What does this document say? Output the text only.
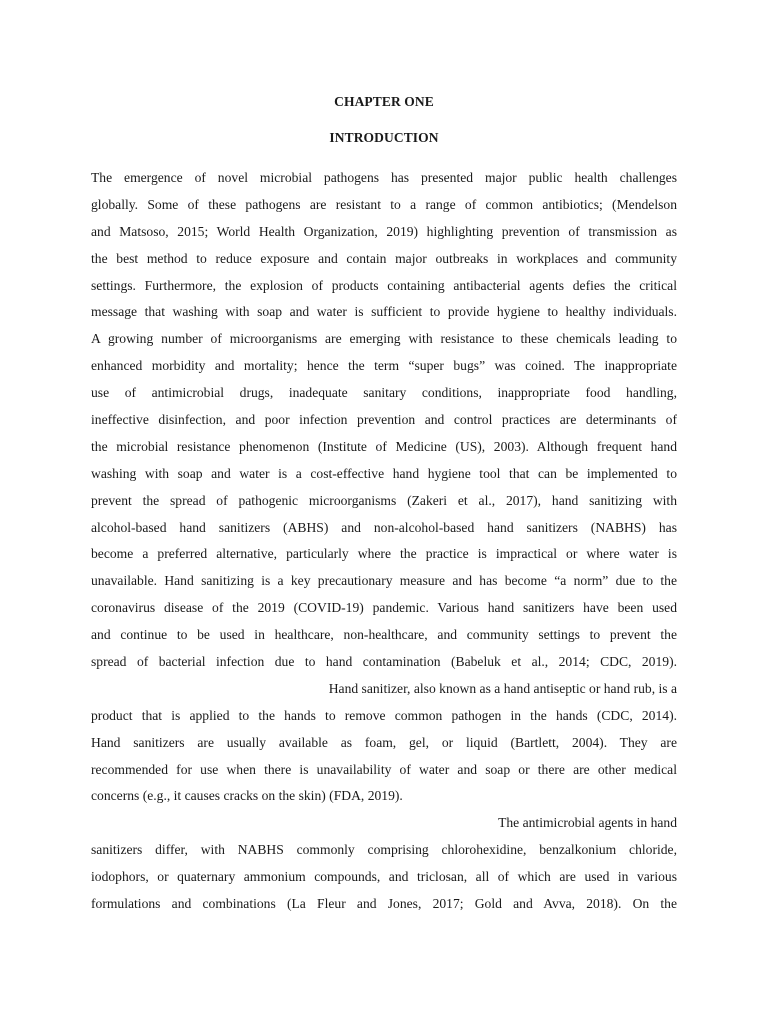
CHAPTER ONE
INTRODUCTION
The emergence of novel microbial pathogens has presented major public health challenges
globally. Some of these pathogens are resistant to a range of common antibiotics; (Mendelson
and Matsoso, 2015; World Health Organization, 2019) highlighting prevention of transmission as
the best method to reduce exposure and contain major outbreaks in workplaces and community
settings. Furthermore, the explosion of products containing antibacterial agents defies the critical
message that washing with soap and water is sufficient to provide hygiene to healthy individuals.
A growing number of microorganisms are emerging with resistance to these chemicals leading to
enhanced morbidity and mortality; hence the term “super bugs” was coined. The inappropriate
use of antimicrobial drugs, inadequate sanitary conditions, inappropriate food handling,
ineffective disinfection, and poor infection prevention and control practices are determinants of
the microbial resistance phenomenon (Institute of Medicine (US), 2003). Although frequent hand
washing with soap and water is a cost-effective hand hygiene tool that can be implemented to
prevent the spread of pathogenic microorganisms (Zakeri et al., 2017), hand sanitizing with
alcohol-based hand sanitizers (ABHS) and non-alcohol-based hand sanitizers (NABHS) has
become a preferred alternative, particularly where the practice is impractical or where water is
unavailable. Hand sanitizing is a key precautionary measure and has become “a norm” due to the
coronavirus disease of the 2019 (COVID-19) pandemic. Various hand sanitizers have been used
and continue to be used in healthcare, non-healthcare, and community settings to prevent the
spread of bacterial infection due to hand contamination (Babeluk et al., 2014; CDC, 2019).
Hand sanitizer, also known as a hand antiseptic or hand rub, is a
product that is applied to the hands to remove common pathogen in the hands (CDC, 2014).
Hand sanitizers are usually available as foam, gel, or liquid (Bartlett, 2004). They are
recommended for use when there is unavailability of water and soap or there are other medical
concerns (e.g., it causes cracks on the skin) (FDA, 2019).
The antimicrobial agents in hand
sanitizers differ, with NABHS commonly comprising chlorohexidine, benzalkonium chloride,
iodophors, or quaternary ammonium compounds, and triclosan, all of which are used in various
formulations and combinations (La Fleur and Jones, 2017; Gold and Avva, 2018). On the
